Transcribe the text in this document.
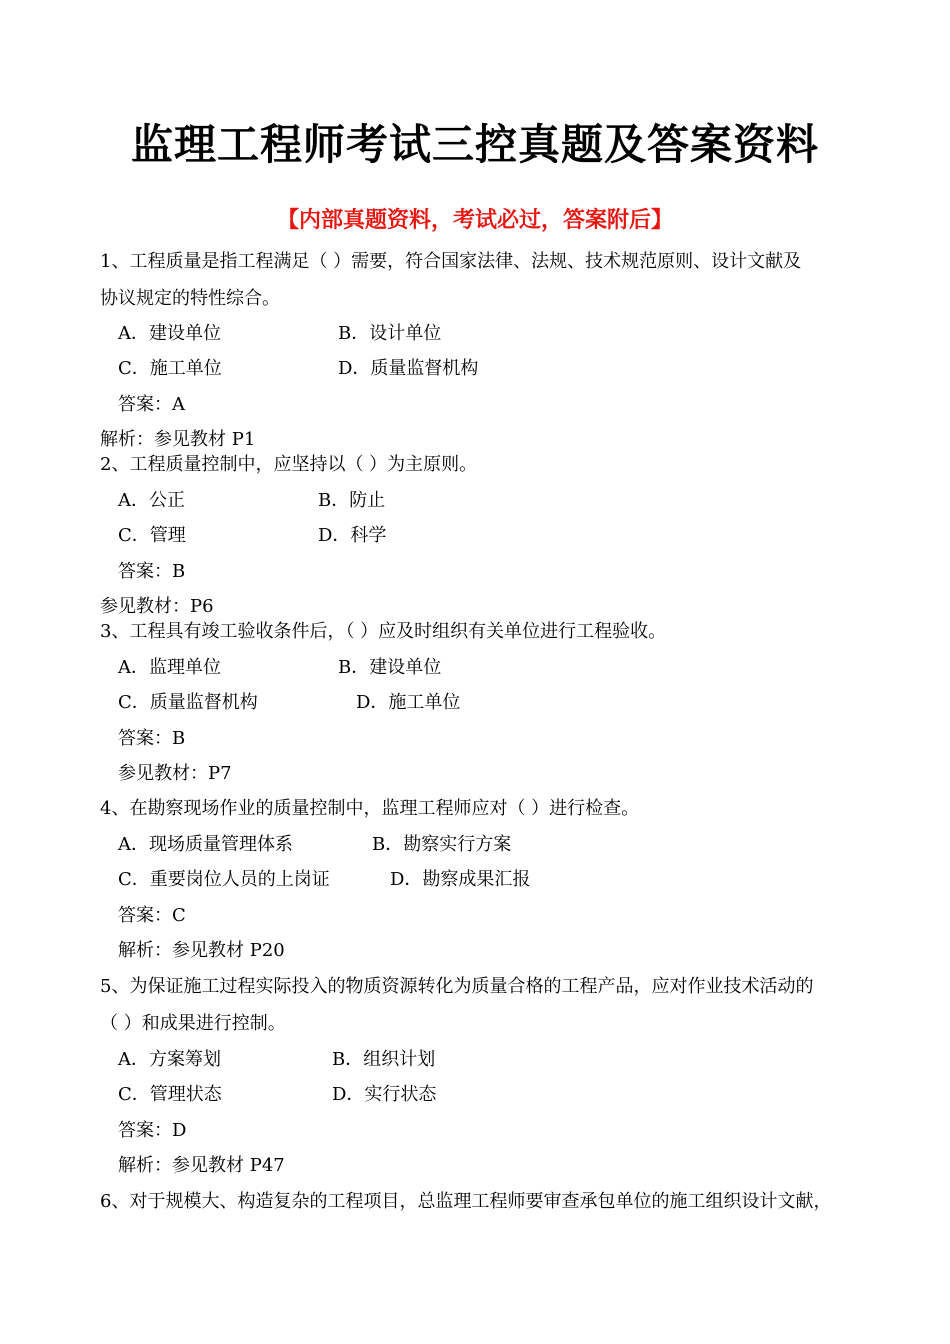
监理工程师考试三控真题及答案资料
【内部真题资料，考试必过，答案附后】
1、工程质量是指工程满足（ ）需要，符合国家法律、法规、技术规范原则、设计文献及
协议规定的特性综合。
A．建设单位	B．设计单位
C．施工单位	D．质量监督机构
答案：A
解析：参见教材 P1
2、工程质量控制中，应坚持以（ ）为主原则。
A．公正	B．防止
C．管理	D．科学
答案：B
参见教材：P6
3、工程具有竣工验收条件后，（ ）应及时组织有关单位进行工程验收。
A．监理单位	B．建设单位
C．质量监督机构	D．施工单位
答案：B
参见教材：P7
4、在勘察现场作业的质量控制中，监理工程师应对（ ）进行检查。
A．现场质量管理体系	B．勘察实行方案
C．重要岗位人员的上岗证	D．勘察成果汇报
答案：C
解析：参见教材 P20
5、为保证施工过程实际投入的物质资源转化为质量合格的工程产品，应对作业技术活动的
（ ）和成果进行控制。
A．方案筹划	B．组织计划
C．管理状态	D．实行状态
答案：D
解析：参见教材 P47
6、对于规模大、构造复杂的工程项目，总监理工程师要审查承包单位的施工组织设计文献，
